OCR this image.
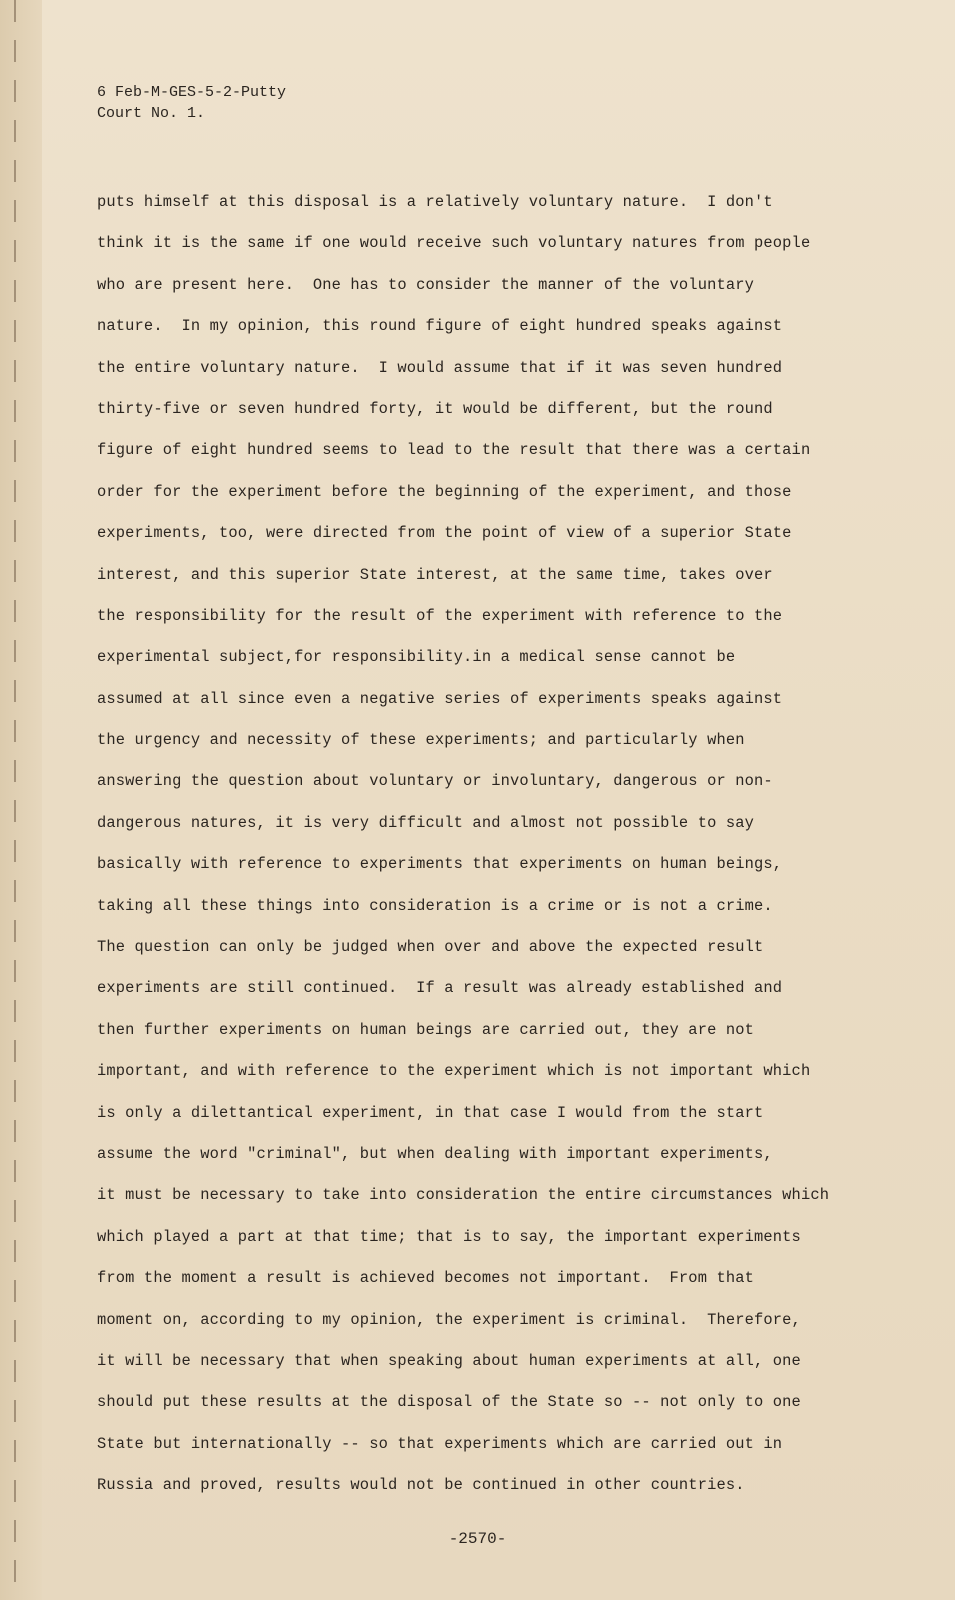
6 Feb-M-GES-5-2-Putty
Court No. 1.
puts himself at this disposal is a relatively voluntary nature.  I don't
think it is the same if one would receive such voluntary natures from people
who are present here.  One has to consider the manner of the voluntary
nature.  In my opinion, this round figure of eight hundred speaks against
the entire voluntary nature.  I would assume that if it was seven hundred
thirty-five or seven hundred forty, it would be different, but the round
figure of eight hundred seems to lead to the result that there was a certain
order for the experiment before the beginning of the experiment, and those
experiments, too, were directed from the point of view of a superior State
interest, and this superior State interest, at the same time, takes over
the responsibility for the result of the experiment with reference to the
experimental subject,for responsibility.in a medical sense cannot be
assumed at all since even a negative series of experiments speaks against
the urgency and necessity of these experiments; and particularly when
answering the question about voluntary or involuntary, dangerous or non-
dangerous natures, it is very difficult and almost not possible to say
basically with reference to experiments that experiments on human beings,
taking all these things into consideration is a crime or is not a crime.
The question can only be judged when over and above the expected result
experiments are still continued.  If a result was already established and
then further experiments on human beings are carried out, they are not
important, and with reference to the experiment which is not important which
is only a dilettantical experiment, in that case I would from the start
assume the word "criminal", but when dealing with important experiments,
it must be necessary to take into consideration the entire circumstances which
which played a part at that time; that is to say, the important experiments
from the moment a result is achieved becomes not important.  From that
moment on, according to my opinion, the experiment is criminal.  Therefore,
it will be necessary that when speaking about human experiments at all, one
should put these results at the disposal of the State so -- not only to one
State but internationally -- so that experiments which are carried out in
Russia and proved, results would not be continued in other countries.
-2570-
